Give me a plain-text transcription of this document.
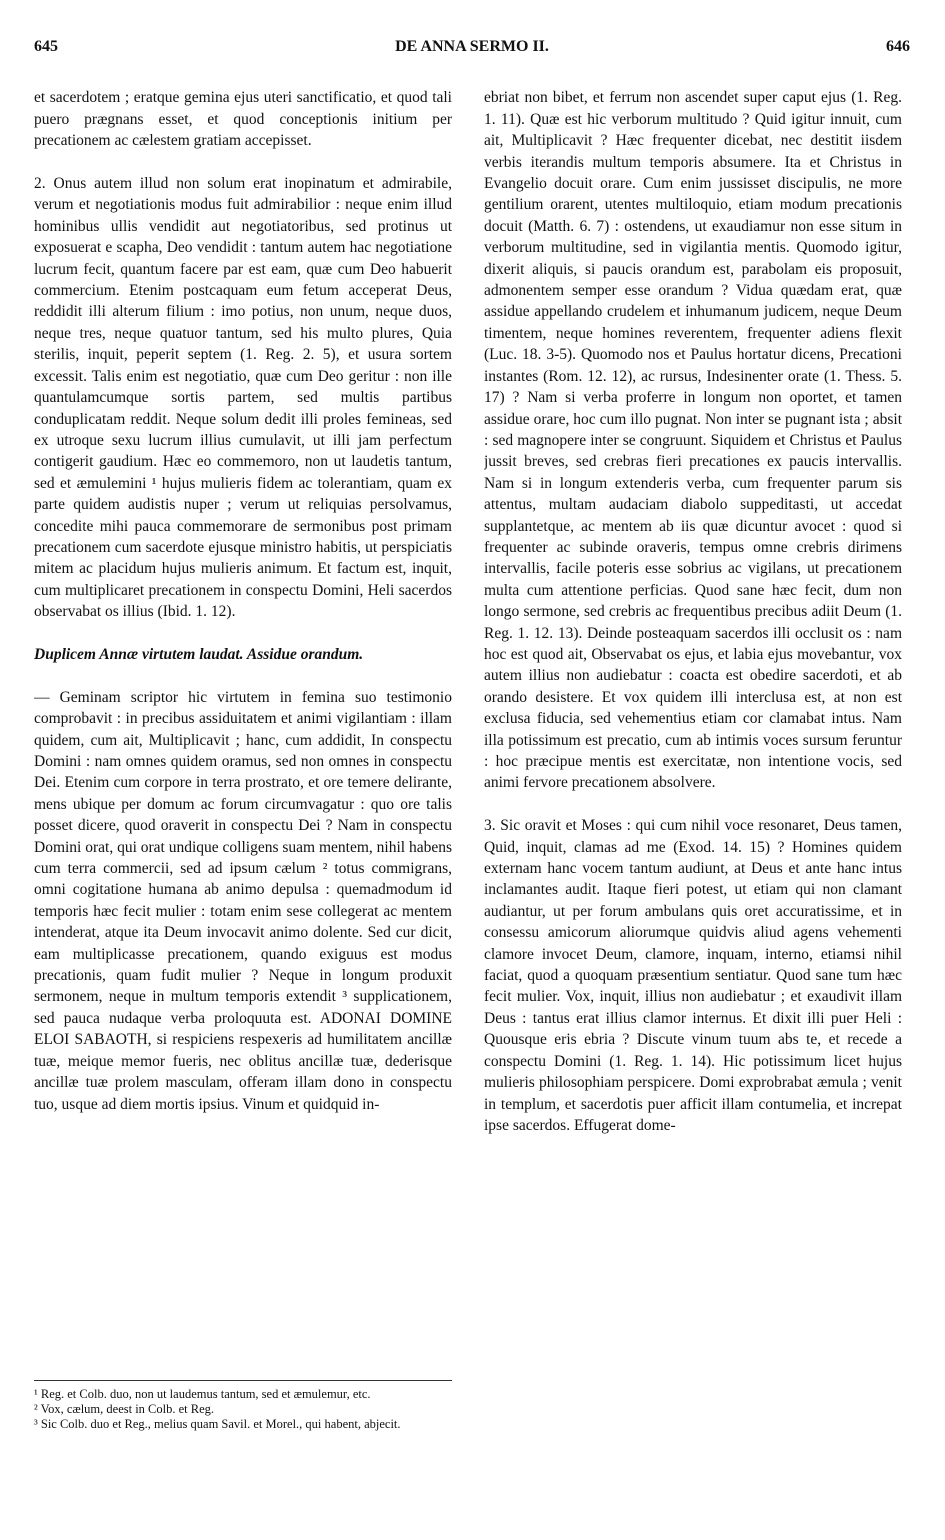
645	DE ANNA SERMO II.	646

et sacerdotem ; eratque gemina ejus uteri sanctificatio, et quod tali puero prægnans esset, et quod conceptionis initium per precationem ac cælestem gratiam accepisset.

2. Onus autem illud non solum erat inopinatum et admirabile, verum et negotiationis modus fuit admirabilior : neque enim illud hominibus ullis vendidit aut negotiatoribus, sed protinus ut exposuerat e scapha, Deo vendidit : tantum autem hac negotiatione lucrum fecit, quantum facere par est eam, quæ cum Deo habuerit commercium. Etenim postcaquam eum fetum acceperat Deus, reddidit illi alterum filium : imo potius, non unum, neque duos, neque tres, neque quatuor tantum, sed his multo plures, Quia sterilis, inquit, peperit septem (1. Reg. 2. 5), et usura sortem excessit. Talis enim est negotiatio, quæ cum Deo geritur : non ille quantulamcumque sortis partem, sed multis partibus conduplicatam reddit. Neque solum dedit illi proles femineas, sed ex utroque sexu lucrum illius cumulavit, ut illi jam perfectum contigerit gaudium. Hæc eo commemoro, non ut laudetis tantum, sed et æmulemini ¹ hujus mulieris fidem ac tolerantiam, quam ex parte quidem audistis nuper ; verum ut reliquias persolvamus, concedite mihi pauca commemorare de sermonibus post primam precationem cum sacerdote ejusque ministro habitis, ut perspiciatis mitem ac placidum hujus mulieris animum. Et factum est, inquit, cum multiplicaret precationem in conspectu Domini, Heli sacerdos observabat os illius (Ibid. 1. 12).

Duplicem Annæ virtutem laudat. Assidue orandum.

— Geminam scriptor hic virtutem in femina suo testimonio comprobavit : in precibus assiduitatem et animi vigilantiam : illam quidem, cum ait, Multiplicavit ; hanc, cum addidit, In conspectu Domini : nam omnes quidem oramus, sed non omnes in conspectu Dei. Etenim cum corpore in terra prostrato, et ore temere delirante, mens ubique per domum ac forum circumvagatur : quo ore talis posset dicere, quod oraverit in conspectu Dei ? Nam in conspectu Domini orat, qui orat undique colligens suam mentem, nihil habens cum terra commercii, sed ad ipsum cælum ² totus commigrans, omni cogitatione humana ab animo depulsa : quemadmodum id temporis hæc fecit mulier : totam enim sese collegerat ac mentem intenderat, atque ita Deum invocavit animo dolente. Sed cur dicit, eam multiplicasse precationem, quando exiguus est modus precationis, quam fudit mulier ? Neque in longum produxit sermonem, neque in multum temporis extendit ³ supplicationem, sed pauca nudaque verba proloquuta est. ADONAI DOMINE ELOI SABAOTH, si respiciens respexeris ad humilitatem ancillæ tuæ, meique memor fueris, nec oblitus ancillæ tuæ, dederisque ancillæ tuæ prolem masculam, offeram illam dono in conspectu tuo, usque ad diem mortis ipsius. Vinum et quidquid in-

¹ Reg. et Colb. duo, non ut laudemus tantum, sed et æmulemur, etc.

² Vox, cælum, deest in Colb. et Reg.

³ Sic Colb. duo et Reg., melius quam Savil. et Morel., qui habent, abjecit.

ebriat non bibet, et ferrum non ascendet super caput ejus (1. Reg. 1. 11). Quæ est hic verborum multitudo ? Quid igitur innuit, cum ait, Multiplicavit ? Hæc frequenter dicebat, nec destitit iisdem verbis iterandis multum temporis absumere. Ita et Christus in Evangelio docuit orare. Cum enim jussisset discipulis, ne more gentilium orarent, utentes multiloquio, etiam modum precationis docuit (Matth. 6. 7) : ostendens, ut exaudiamur non esse situm in verborum multitudine, sed in vigilantia mentis. Quomodo igitur, dixerit aliquis, si paucis orandum est, parabolam eis proposuit, admonentem semper esse orandum ? Vidua quædam erat, quæ assidue appellando crudelem et inhumanum judicem, neque Deum timentem, neque homines reverentem, frequenter adiens flexit (Luc. 18. 3-5). Quomodo nos et Paulus hortatur dicens, Precationi instantes (Rom. 12. 12), ac rursus, Indesinenter orate (1. Thess. 5. 17) ? Nam si verba proferre in longum non oportet, et tamen assidue orare, hoc cum illo pugnat. Non inter se pugnant ista ; absit : sed magnopere inter se congruunt. Siquidem et Christus et Paulus jussit breves, sed crebras fieri precationes ex paucis intervallis. Nam si in longum extenderis verba, cum frequenter parum sis attentus, multam audaciam diabolo suppeditasti, ut accedat supplantetque, ac mentem ab iis quæ dicuntur avocet : quod si frequenter ac subinde oraveris, tempus omne crebris dirimens intervallis, facile poteris esse sobrius ac vigilans, ut precationem multa cum attentione perficias. Quod sane hæc fecit, dum non longo sermone, sed crebris ac frequentibus precibus adiit Deum (1. Reg. 1. 12. 13). Deinde posteaquam sacerdos illi occlusit os : nam hoc est quod ait, Observabat os ejus, et labia ejus movebantur, vox autem illius non audiebatur : coacta est obedire sacerdoti, et ab orando desistere. Et vox quidem illi interclusa est, at non est exclusa fiducia, sed vehementius etiam cor clamabat intus. Nam illa potissimum est precatio, cum ab intimis voces sursum feruntur : hoc præcipue mentis est exercitatæ, non intentione vocis, sed animi fervore precationem absolvere.

3. Sic oravit et Moses : qui cum nihil voce resonaret, Deus tamen, Quid, inquit, clamas ad me (Exod. 14. 15) ? Homines quidem externam hanc vocem tantum audiunt, at Deus et ante hanc intus inclamantes audit. Itaque fieri potest, ut etiam qui non clamant audiantur, ut per forum ambulans quis oret accuratissime, et in consessu amicorum aliorumque quidvis aliud agens vehementi clamore invocet Deum, clamore, inquam, interno, etiamsi nihil faciat, quod a quoquam præsentium sentiatur. Quod sane tum hæc fecit mulier. Vox, inquit, illius non audiebatur ; et exaudivit illam Deus : tantus erat illius clamor internus. Et dixit illi puer Heli : Quousque eris ebria ? Discute vinum tuum abs te, et recede a conspectu Domini (1. Reg. 1. 14). Hic potissimum licet hujus mulieris philosophiam perspicere. Domi exprobrabat æmula ; venit in templum, et sacerdotis puer afficit illam contumelia, et increpat ipse sacerdos. Effugerat dome-
